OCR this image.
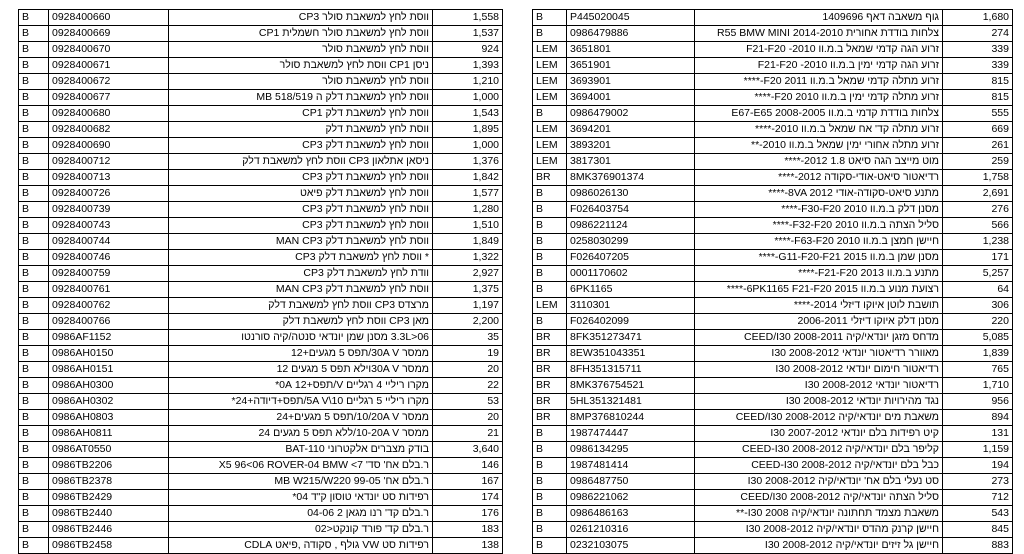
B	0928400660	ווסת לחץ למשאבת סולר CP3	1,558
B	0928400669	ווסת לחץ למשאבת סולר חשמלית CP1	1,537
B	0928400670	ווסת לחץ למשאבת סולר	924
B	0928400671	ניסן CP1 ווסת לחץ למשאבת סולר	1,393
B	0928400672	ווסת לחץ למשאבת סולר	1,210
B	0928400677	ווסת לחץ למשאבת דלק ה 518/519 MB	1,000
B	0928400680	ווסת לחץ למשאבת דלק CP1	1,543
B	0928400682	ווסת לחץ למשאבת דלק	1,895
B	0928400690	ווסת לחץ למשאבת דלק CP3	1,000
B	0928400712	ניסאן אתלאון CP3 ווסת לחץ למשאבת דלק	1,376
B	0928400713	ווסת לחץ למשאבת דלק CP3	1,842
B	0928400726	ווסת לחץ למשאבת דלק פיאט	1,577
B	0928400739	ווסת לחץ למשאבת דלק CP3	1,280
B	0928400743	ווסת לחץ למשאבת דלק CP3	1,510
B	0928400744	ווסת לחץ למשאבת דלק MAN CP3	1,849
B	0928400746	* ווסת לחץ למשאבת דלק CP3	1,322
B	0928400759	וודת לחץ למשאבת דלק CP3	2,927
B	0928400761	ווסת לחץ למשאבת דלק MAN CP3	1,375
B	0928400762	מרצדס CP3 ווסת לחץ למשאבת דלק	1,197
B	0928400766	מאן CP3 ווסת לחץ למשאבת דלק	2,200
B	0986AF1152	06<3.3L מסנן שמן יונדאי סנטה/קיה סורנטו	35
B	0986AH0150	ממסר 30A V/תפס 5 מגעים+12	19
B	0986AH0151	ממסר 30A Vוילא תפס 5 מגעים 12	20
B	0986AH0300	מקרו ריליי 4 רגליים V/תפס+12 0A*	22
B	0986AH0302	מקרו ריליי 5 רגליים 10\5A V/תפס+דיודה+24*	53
B	0986AH0803	ממסר 10/20A V/תפס 5 מגעים+24	20
B	0986AH0811	ממסר 10-20A V/ללא תפס 5 מגעים 24	21
B	0986AT0550	בודק מצברים אלקטרוני BAT-110	3,640
B	0986TB2206	ר.בלם אח' סד' 7> X5 96<06 ROVER-04 BMW	146
B	0986TB2378	ר.בלם אח' 99-05 MB W215/W220	167
B	0986TB2429	רפידות סט יונדאי טוסון ק"ד 04*	174
B	0986TB2440	ר.בלם קד' רנו מגאן 2 04-06	176
B	0986TB2446	ר.בלם קד' פורד קונקט<02	183
B	0986TB2458	רפידות סט VW גולף , סקודה ,פיאט CDLA	138
B	P445020045	גוף משאבה דאף 1409696	1,680
B	0986479886	צלחות בודדת אחורית 2014-2010 R55 BMW MINI	274
LEM	3651801	זרוע הגה קדמי שמאל ב.מ.וו F21-F20 -2010	339
LEM	3651901	זרוע הגה קדמי ימין ב.מ.וו F21-F20 -2010	339
LEM	3693901	זרוע מתלה קדמי שמאל ב.מ.וו F20 2011-****	815
LEM	3694001	זרוע מתלה קדמי ימין ב.מ.וו F20 2010-****	815
B	0986479002	צלחות בודדת קדמי ב.מ.וו E67-E65 2008-2005	555
LEM	3694201	זרוע מתלה קד' אח שמאל ב.מ.וו 2010-****	669
LEM	3893201	זרוע מתלה אחורי ימין שמאל ב.מ.וו 2010-**	261
LEM	3817301	מוט מייצב הגה סיאט 1.8 2012-****	259
BR	8MK376901374	רדיאטור סיאט-אודי-סקודה 2012-****	1,758
B	0986026130	מתנע סיאט-סקודה-אודי 8VA 2012-****	2,691
B	F026403754	מסנן דלק ב.מ.וו F30-F20 2010-****	276
B	0986221124	סליל הצתה ב.מ.וו F32-F20 2010-****	566
B	0258030299	חיישן חמצן ב.מ.וו F63-F20 2010-****	1,238
B	F026407205	מסנן שמן ב.מ.וו G11-F20-F21 2015-****	171
B	0001170602	מתנע ב.מ.וו F21-F20 2013-****	5,257
B	6PK1165	רצועת מנוע ב.מ.וו 6PK1165 F21-F20 2015-****	64
LEM	3110301	תושבת לוטן איוקו דיזלי 2014-****	306
B	F026402099	מסנן דלק איוקו דיזלי 2006-2011	220
BR	8FK351273471	מדחס מזגן יונדאי/קיה CEED/I30 2008-2011	5,085
BR	8EW351043351	מאוורר רדיאטור יונדאי I30 2008-2012	1,839
BR	8FH351315711	רדיאטור חימום יונדאי I30 2008-2012	765
BR	8MK376754521	רדיאטור יונדאי I30 2008-2012	1,710
BR	5HL351321481	נגד מהירויות יונדאי I30 2008-2012	956
BR	8MP376810244	משאבת מים יונדאי/קיה CEED/I30 2008-2012	894
B	1987474447	קיט רפידות בלם יונדאי I30 2007-2012	131
B	0986134295	קליפר בלם יונדאי/קיה CEED-I30 2008-2012	1,159
B	1987481414	כבל בלם יונדאי/קיה CEED-I30 2008-2012	194
B	0986487750	סט נעלי בלם אח' יונדאי/קיה I30 2008-2012	273
B	0986221062	סליל הצתה יונדאי/קיה CEED/I30 2008-2012	712
B	0986486163	משאבת מצמד תחתונה יונדאי/קיה I30 2008-**	543
B	0261210316	חיישן קרנק מהדס יונדאי/קיה I30 2008-2012	845
B	0232103075	חיישן גל זיזים יונדאי/קיה I30 2008-2012	883
